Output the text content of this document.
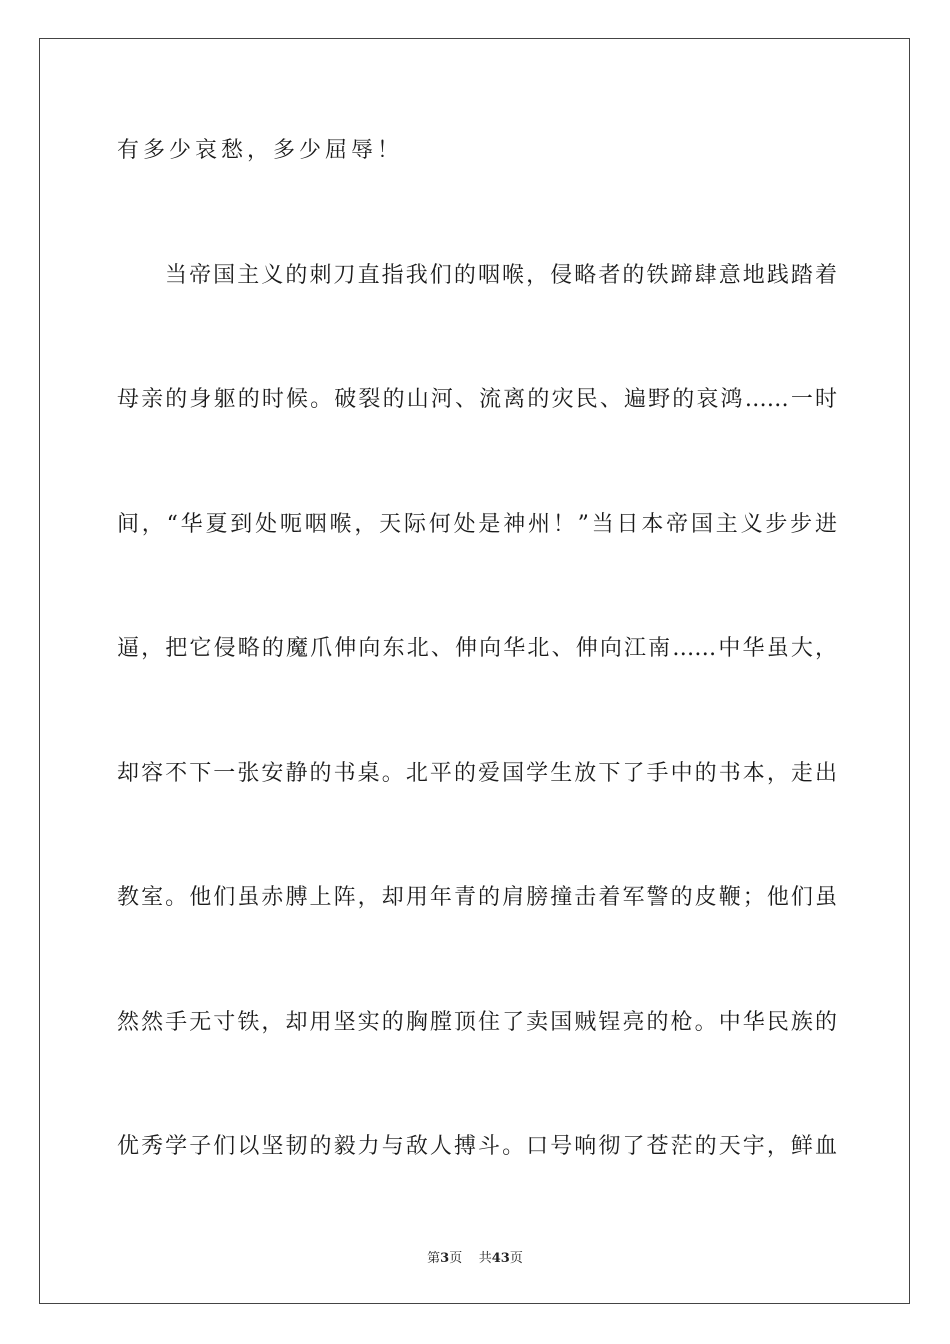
有多少哀愁，多少屈辱！
当帝国主义的刺刀直指我们的咽喉，侵略者的铁蹄肆意地践踏着
母亲的身躯的时候。破裂的山河、流离的灾民、遍野的哀鸿……一时
间，“华夏到处呃咽喉，天际何处是神州！”当日本帝国主义步步进
逼，把它侵略的魔爪伸向东北、伸向华北、伸向江南……中华虽大，
却容不下一张安静的书桌。北平的爱国学生放下了手中的书本，走出
教室。他们虽赤膊上阵，却用年青的肩膀撞击着军警的皮鞭；他们虽
然然手无寸铁，却用坚实的胸膛顶住了卖国贼锃亮的枪。中华民族的
优秀学子们以坚韧的毅力与敌人搏斗。口号响彻了苍茫的天宇，鲜血
第3页 共43页
